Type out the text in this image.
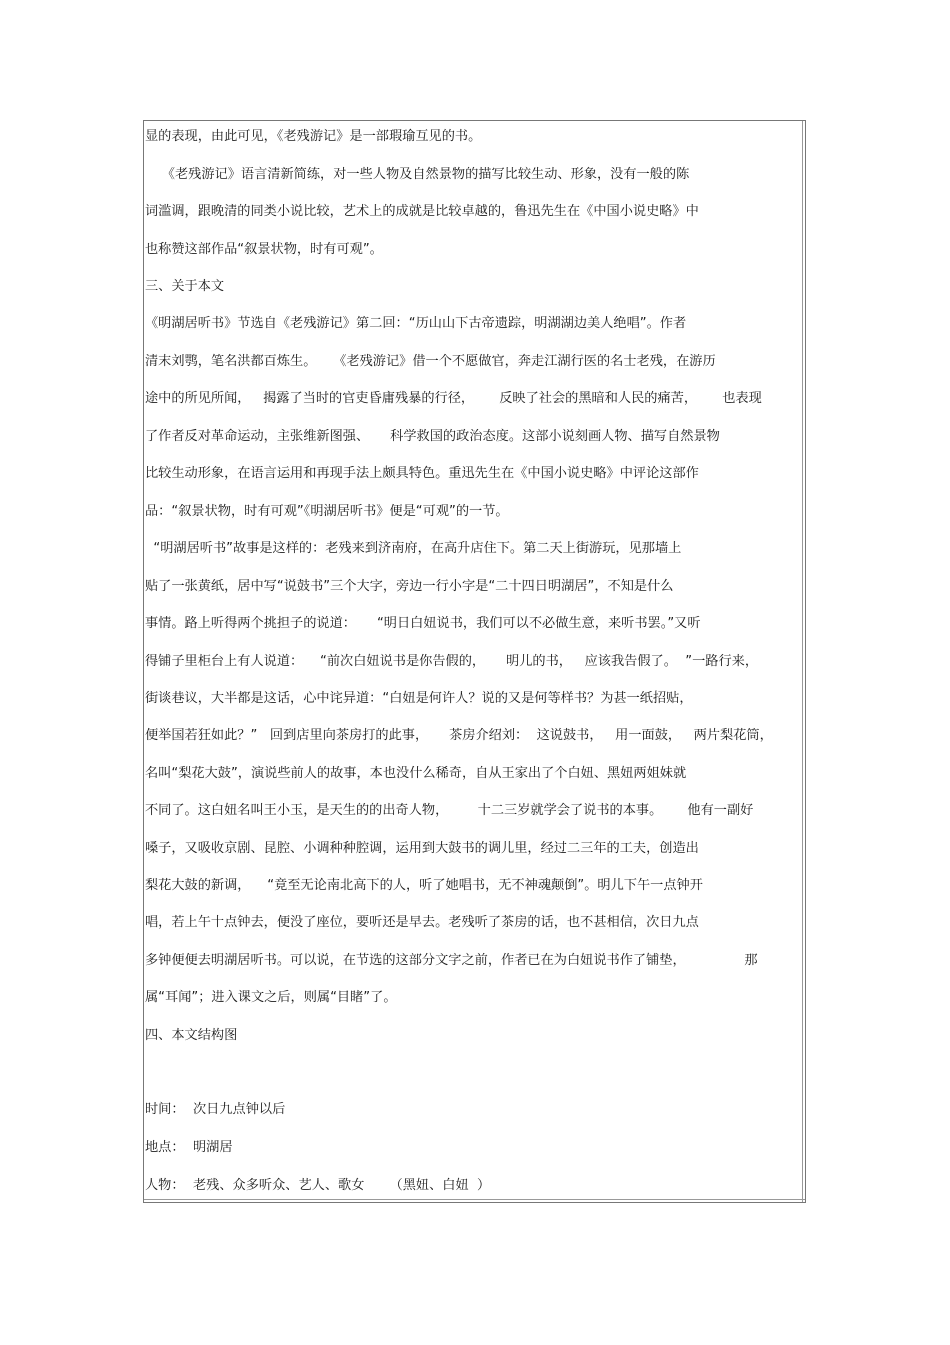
显的表现，由此可见，《老残游记》是一部瑕瑜互见的书。
《老残游记》语言清新简练，对一些人物及自然景物的描写比较生动、形象，没有一般的陈
词滥调，跟晚清的同类小说比较，艺术上的成就是比较卓越的，鲁迅先生在《中国小说史略》中
也称赞这部作品“叙景状物，时有可观”。
三、关于本文
《明湖居听书》节选自《老残游记》第二回：“历山山下古帝遗踪，明湖湖边美人绝唱”。作者
清末刘鹗，笔名洪都百炼生。    《老残游记》借一个不愿做官，奔走江湖行医的名士老残，在游历
途中的所见所闻，   揭露了当时的官吏昏庸残暴的行径，      反映了社会的黑暗和人民的痛苦，      也表现
了作者反对革命运动，主张维新图强、     科学救国的政治态度。这部小说刻画人物、描写自然景物
比较生动形象，在语言运用和再现手法上颇具特色。重迅先生在《中国小说史略》中评论这部作
品：“叙景状物，时有可观”《明湖居听书》便是“可观”的一节。
“明湖居听书”故事是这样的：老残来到济南府，在高升店住下。第二天上街游玩，见那墙上
贴了一张黄纸，居中写“说鼓书”三个大字，旁边一行小字是“二十四日明湖居”，不知是什么
事情。路上听得两个挑担子的说道：     “明日白妞说书，我们可以不必做生意，来听书罢。”又听
得铺子里柜台上有人说道：    “前次白妞说书是你告假的，     明儿的书，   应该我告假了。  ”一路行来，
街谈巷议，大半都是这话，心中诧异道：“白妞是何许人？说的又是何等样书？为甚一纸招贴，
便举国若狂如此？”   回到店里向茶房打的此事，     茶房介绍刘：  这说鼓书，   用一面鼓，   两片梨花筒，
名叫“梨花大鼓”，演说些前人的故事，本也没什么稀奇，自从王家出了个白妞、黑妞两姐妹就
不同了。这白妞名叫王小玉，是天生的的出奇人物，       十二三岁就学会了说书的本事。      他有一副好
嗓子，又吸收京剧、昆腔、小调种种腔调，运用到大鼓书的调儿里，经过二三年的工夫，创造出
梨花大鼓的新调，    “竟至无论南北高下的人，听了她唱书，无不神魂颠倒”。明儿下午一点钟开
唱，若上午十点钟去，便没了座位，要听还是早去。老残听了茶房的话，也不甚相信，次日九点
多钟便便去明湖居听书。可以说，在节选的这部分文字之前，作者已在为白妞说书作了铺垫，              那
属“耳闻”；进入课文之后，则属“目睹”了。
四、本文结构图
时间：  次日九点钟以后
地点：  明湖居
人物：  老残、众多听众、艺人、歌女      （黑妞、白妞  ）
